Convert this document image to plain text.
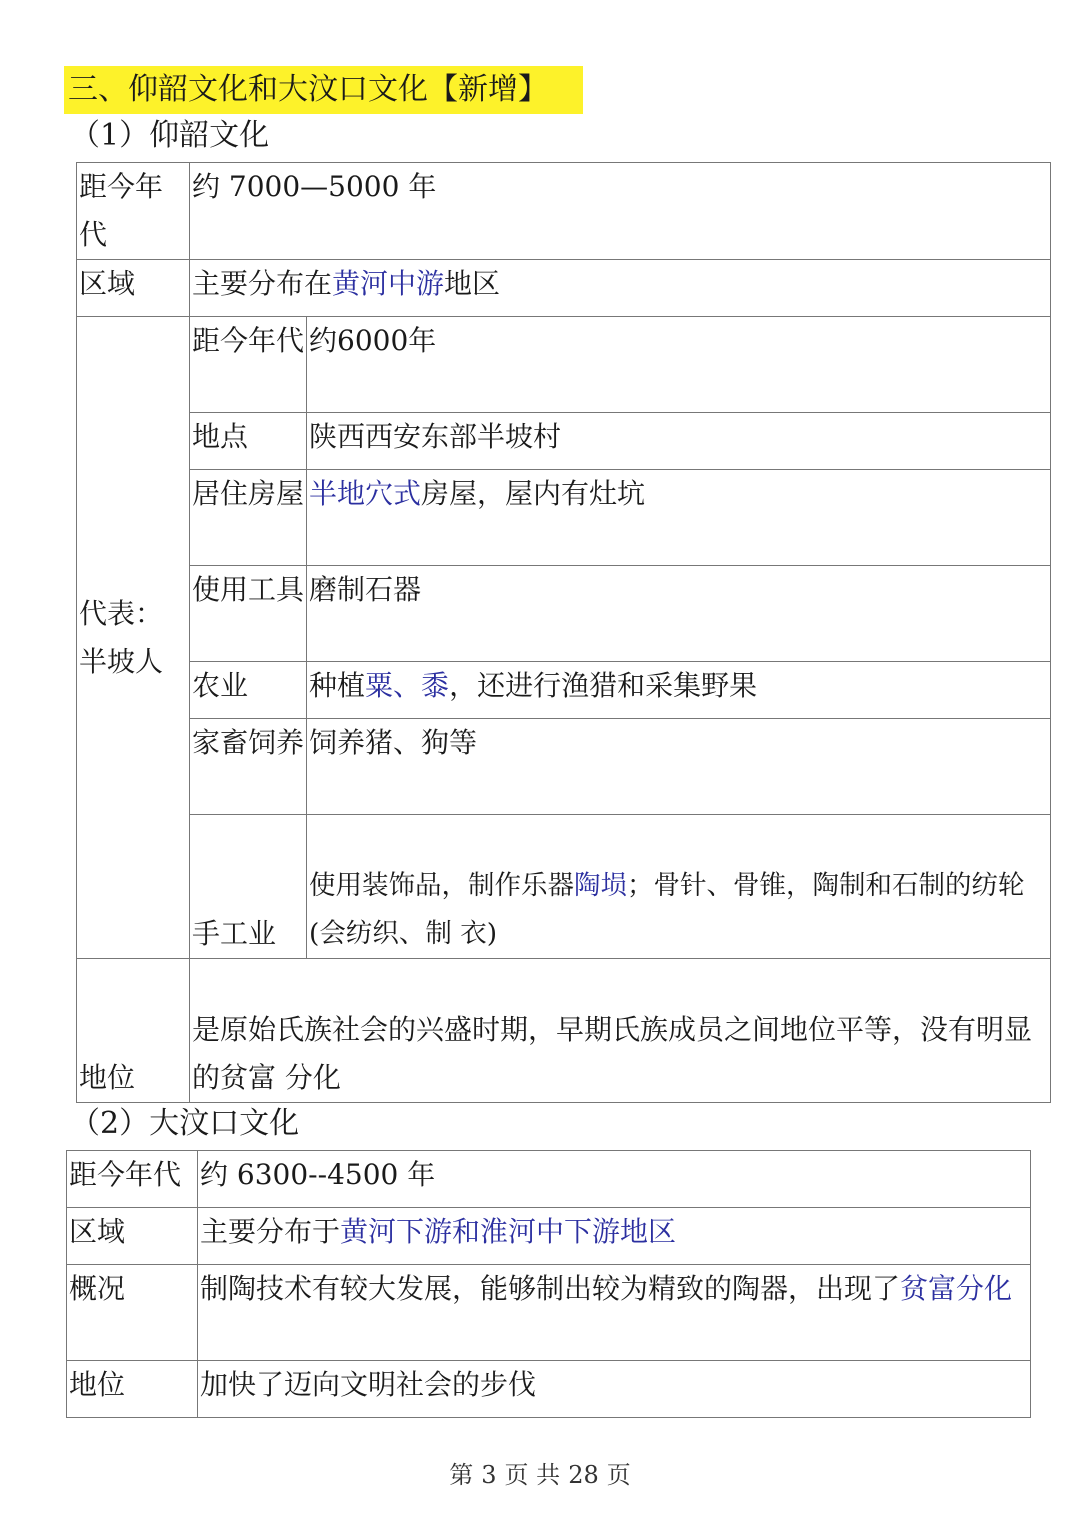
三、仰韶文化和大汶口文化【新增】
（1）仰韶文化
距今年代	约 7000—5000 年	
区域	主要分布在黄河中游地区	
代表：半坡人	距今年代	约6000年
	地点	陕西西安东部半坡村
	居住房屋	半地穴式房屋，屋内有灶坑
	使用工具	磨制石器
	农业	种植粟、黍，还进行渔猎和采集野果
	家畜饲养	饲养猪、狗等
	手工业	使用装饰品，制作乐器陶埙；骨针、骨锥，陶制和石制的纺轮(会纺织、制 衣)
地位	是原始氏族社会的兴盛时期，早期氏族成员之间地位平等，没有明显的贫富 分化	
（2）大汶口文化
距今年代	约 6300--4500 年
区域	主要分布于黄河下游和淮河中下游地区
概况	制陶技术有较大发展，能够制出较为精致的陶器，出现了贫富分化
地位	加快了迈向文明社会的步伐
第 3 页 共 28 页
